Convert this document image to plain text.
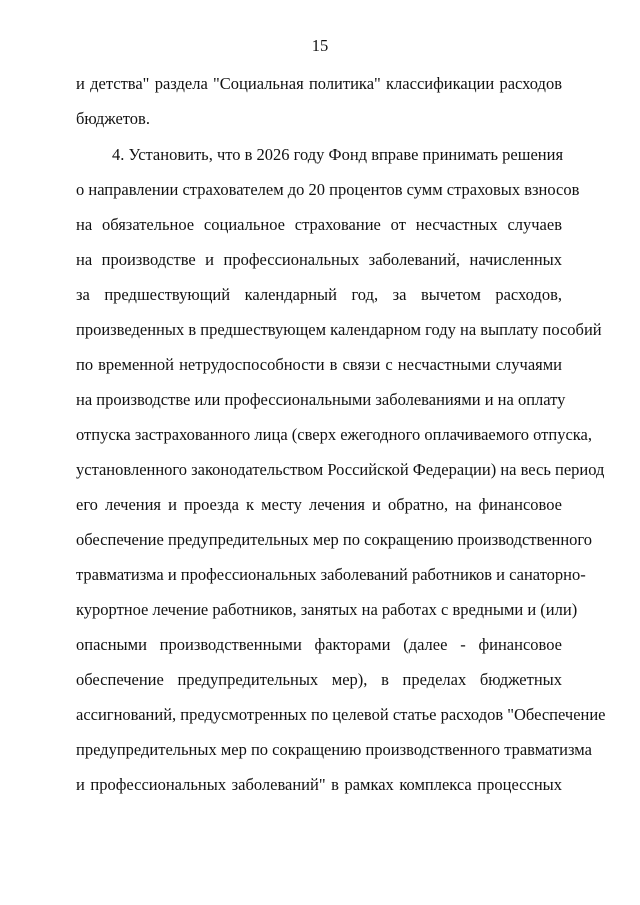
15
и детства" раздела "Социальная политика" классификации расходов
бюджетов.
4. Установить, что в 2026 году Фонд вправе принимать решения
о направлении страхователем до 20 процентов сумм страховых взносов
на обязательное социальное страхование от несчастных случаев
на производстве и профессиональных заболеваний, начисленных
за предшествующий календарный год, за вычетом расходов,
произведенных в предшествующем календарном году на выплату пособий
по временной нетрудоспособности в связи с несчастными случаями
на производстве или профессиональными заболеваниями и на оплату
отпуска застрахованного лица (сверх ежегодного оплачиваемого отпуска,
установленного законодательством Российской Федерации) на весь период
его лечения и проезда к месту лечения и обратно, на финансовое
обеспечение предупредительных мер по сокращению производственного
травматизма и профессиональных заболеваний работников и санаторно-
курортное лечение работников, занятых на работах с вредными и (или)
опасными производственными факторами (далее - финансовое
обеспечение предупредительных мер), в пределах бюджетных
ассигнований, предусмотренных по целевой статье расходов "Обеспечение
предупредительных мер по сокращению производственного травматизма
и профессиональных заболеваний" в рамках комплекса процессных
